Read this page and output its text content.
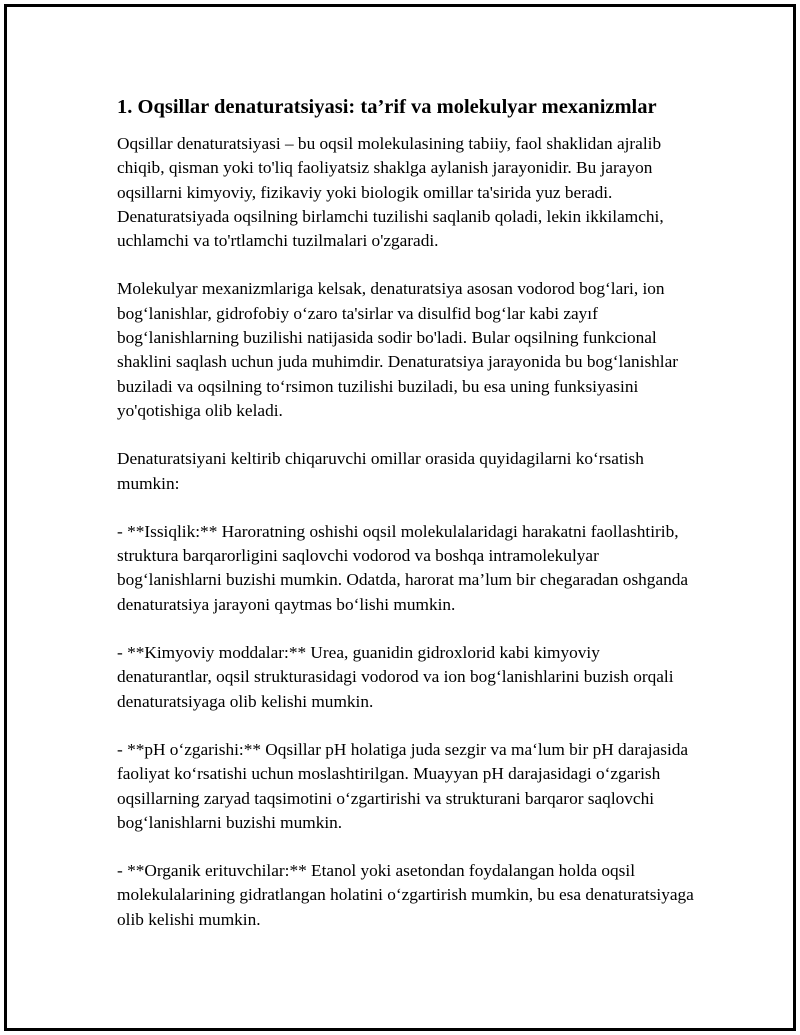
1. Oqsillar denaturatsiyasi: ta’rif va molekulyar mexanizmlar

Oqsillar denaturatsiyasi – bu oqsil molekulasining tabiiy, faol shaklidan ajralib chiqib, qisman yoki to'liq faoliyatsiz shaklga aylanish jarayonidir. Bu jarayon oqsillarni kimyoviy, fizikaviy yoki biologik omillar ta'sirida yuz beradi. Denaturatsiyada oqsilning birlamchi tuzilishi saqlanib qoladi, lekin ikkilamchi, uchlamchi va to'rtlamchi tuzilmalari o'zgaradi.

Molekulyar mexanizmlariga kelsak, denaturatsiya asosan vodorod bog‘lari, ion bog‘lanishlar, gidrofobiy o‘zaro ta'sirlar va disulfid bog‘lar kabi zayıf bog‘lanishlarning buzilishi natijasida sodir bo'ladi. Bular oqsilning funkcional shaklini saqlash uchun juda muhimdir. Denaturatsiya jarayonida bu bog‘lanishlar buziladi va oqsilning to‘rsimon tuzilishi buziladi, bu esa uning funksiyasini yo'qotishiga olib keladi.

Denaturatsiyani keltirib chiqaruvchi omillar orasida quyidagilarni ko‘rsatish mumkin:

- **Issiqlik:** Haroratning oshishi oqsil molekulalaridagi harakatni faollashtirib, struktura barqarorligini saqlovchi vodorod va boshqa intramolekulyar bog‘lanishlarni buzishi mumkin. Odatda, harorat ma’lum bir chegaradan oshganda denaturatsiya jarayoni qaytmas bo‘lishi mumkin.

- **Kimyoviy moddalar:** Urea, guanidin gidroxlorid kabi kimyoviy denaturantlar, oqsil strukturasidagi vodorod va ion bog‘lanishlarini buzish orqali denaturatsiyaga olib kelishi mumkin.

- **pH o‘zgarishi:** Oqsillar pH holatiga juda sezgir va ma‘lum bir pH darajasida faoliyat ko‘rsatishi uchun moslashtirilgan. Muayyan pH darajasidagi o‘zgarish oqsillarning zaryad taqsimotini o‘zgartirishi va strukturani barqaror saqlovchi bog‘lanishlarni buzishi mumkin.

- **Organik erituvchilar:** Etanol yoki asetondan foydalangan holda oqsil molekulalarining gidratlangan holatini o‘zgartirish mumkin, bu esa denaturatsiyaga olib kelishi mumkin.
